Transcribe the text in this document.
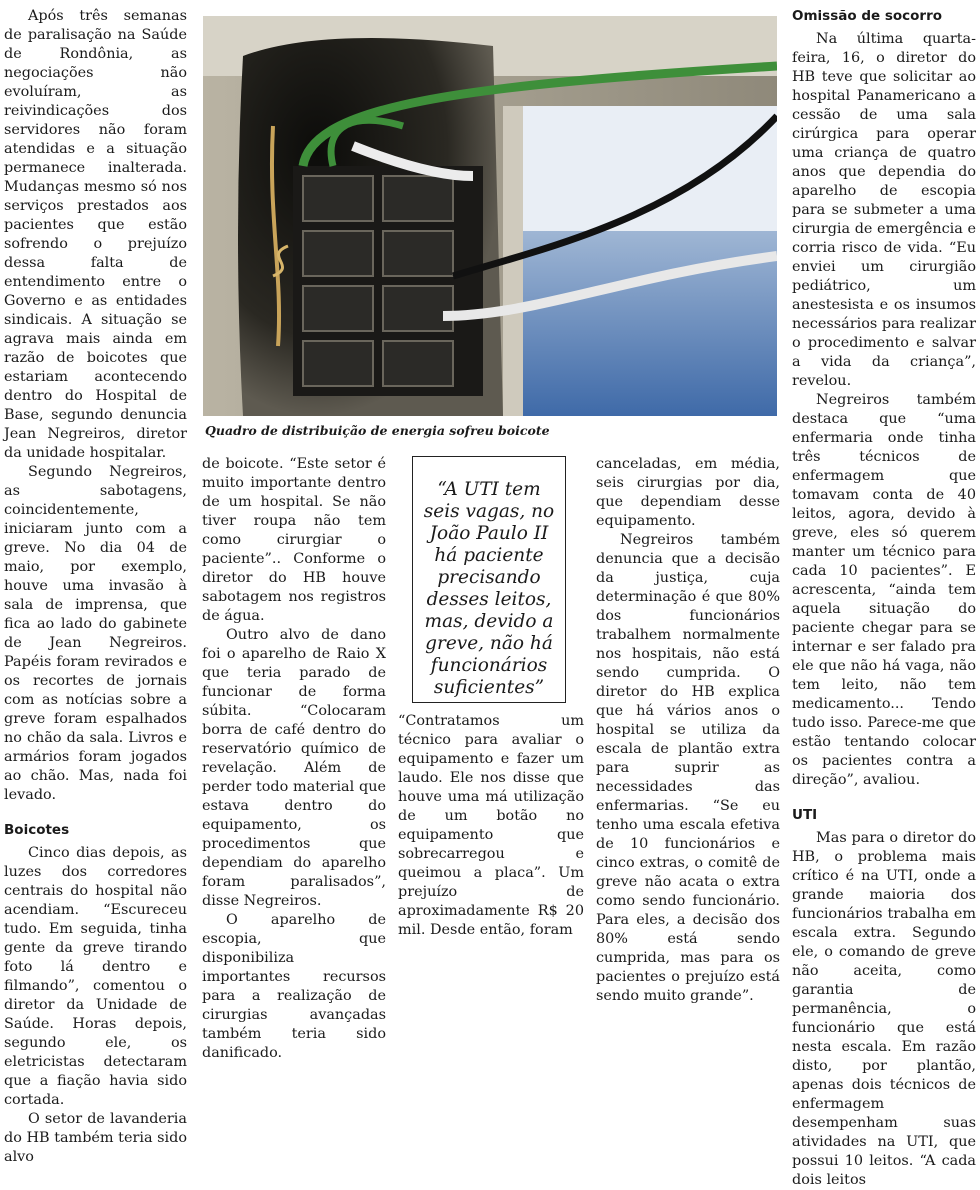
Após três semanas de paralisação na Saúde de Rondônia, as negociações não evoluíram, as reivindicações dos servidores não foram atendidas e a situação permanece inalterada. Mudanças mesmo só nos serviços prestados aos pacientes que estão sofrendo o prejuízo dessa falta de entendimento entre o Governo e as entidades sindicais. A situação se agrava mais ainda em razão de boicotes que estariam acontecendo dentro do Hospital de Base, segundo denuncia Jean Negreiros, diretor da unidade hospitalar.

Segundo Negreiros, as sabotagens, coincidentemente, iniciaram junto com a greve. No dia 04 de maio, por exemplo, houve uma invasão à sala de imprensa, que fica ao lado do gabinete de Jean Negreiros. Papéis foram revirados e os recortes de jornais com as notícias sobre a greve foram espalhados no chão da sala. Livros e armários foram jogados ao chão. Mas, nada foi levado.

Boicotes

Cinco dias depois, as luzes dos corredores centrais do hospital não acendiam. “Escureceu tudo. Em seguida, tinha gente da greve tirando foto lá dentro e filmando”, comentou o diretor da Unidade de Saúde. Horas depois, segundo ele, os eletricistas detectaram que a fiação havia sido cortada.

O setor de lavanderia do HB também teria sido alvo

Quadro de distribuição de energia sofreu boicote

de boicote. “Este setor é muito importante dentro de um hospital. Se não tiver roupa não tem como cirurgiar o paciente”.. Conforme o diretor do HB houve sabotagem nos registros de água.

Outro alvo de dano foi o aparelho de Raio X que teria parado de funcionar de forma súbita. “Colocaram borra de café dentro do reservatório químico de revelação. Além de perder todo material que estava dentro do equipamento, os procedimentos que dependiam do aparelho foram paralisados”, disse Negreiros.

O aparelho de escopia, que disponibiliza importantes recursos para a realização de cirurgias avançadas também teria sido danificado.

“A UTI tem seis vagas, no João Paulo II há paciente precisando desses leitos, mas, devido a greve, não há funcionários suficientes”

“Contratamos um técnico para avaliar o equipamento e fazer um laudo. Ele nos disse que houve uma má utilização de um botão no equipamento que sobrecarregou e queimou a placa”. Um prejuízo de aproximadamente R$ 20 mil. Desde então, foram

canceladas, em média, seis cirurgias por dia, que dependiam desse equipamento.

Negreiros também denuncia que a decisão da justiça, cuja determinação é que 80% dos funcionários trabalhem normalmente nos hospitais, não está sendo cumprida. O diretor do HB explica que há vários anos o hospital se utiliza da escala de plantão extra para suprir as necessidades das enfermarias. “Se eu tenho uma escala efetiva de 10 funcionários e cinco extras, o comitê de greve não acata o extra como sendo funcionário. Para eles, a decisão dos 80% está sendo cumprida, mas para os pacientes o prejuízo está sendo muito grande”.

Omissão de socorro

Na última quarta-feira, 16, o diretor do HB teve que solicitar ao hospital Panamericano a cessão de uma sala cirúrgica para operar uma criança de quatro anos que dependia do aparelho de escopia para se submeter a uma cirurgia de emergência e corria risco de vida. “Eu enviei um cirurgião pediátrico, um anestesista e os insumos necessários para realizar o procedimento e salvar a vida da criança”, revelou.

Negreiros também destaca que “uma enfermaria onde tinha três técnicos de enfermagem que tomavam conta de 40 leitos, agora, devido à greve, eles só querem manter um técnico para cada 10 pacientes”. E acrescenta, “ainda tem aquela situação do paciente chegar para se internar e ser falado pra ele que não há vaga, não tem leito, não tem medicamento... Tendo tudo isso. Parece-me que estão tentando colocar os pacientes contra a direção”, avaliou.

UTI

Mas para o diretor do HB, o problema mais crítico é na UTI, onde a grande maioria dos funcionários trabalha em escala extra. Segundo ele, o comando de greve não aceita, como garantia de permanência, o funcionário que está nesta escala. Em razão disto, por plantão, apenas dois técnicos de enfermagem desempenham suas atividades na UTI, que possui 10 leitos. “A cada dois leitos
